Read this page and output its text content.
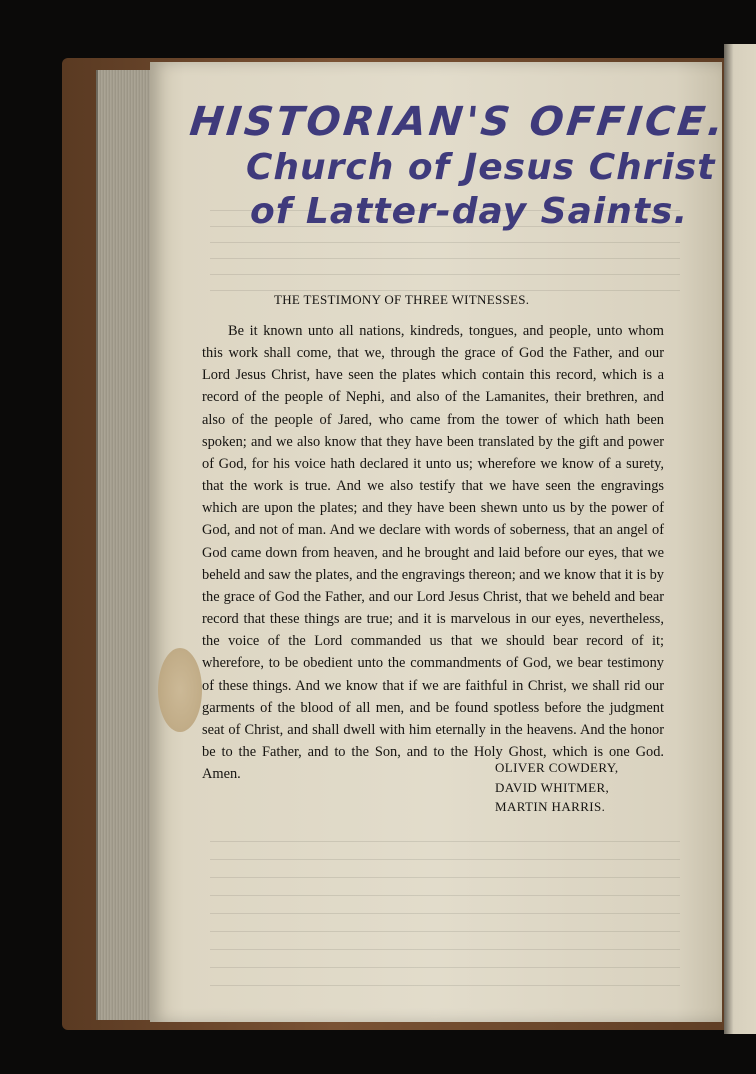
HISTORIAN'S OFFICE.
Church of Jesus Christ
of Latter-day Saints.
THE TESTIMONY OF THREE WITNESSES.
Be it known unto all nations, kindreds, tongues, and people, unto whom this work shall come, that we, through the grace of God the Father, and our Lord Jesus Christ, have seen the plates which contain this record, which is a record of the people of Nephi, and also of the Lamanites, their brethren, and also of the people of Jared, who came from the tower of which hath been spoken; and we also know that they have been translated by the gift and power of God, for his voice hath declared it unto us; wherefore we know of a surety, that the work is true. And we also testify that we have seen the engravings which are upon the plates; and they have been shewn unto us by the power of God, and not of man. And we declare with words of soberness, that an angel of God came down from heaven, and he brought and laid before our eyes, that we beheld and saw the plates, and the engravings thereon; and we know that it is by the grace of God the Father, and our Lord Jesus Christ, that we beheld and bear record that these things are true; and it is marvelous in our eyes, nevertheless, the voice of the Lord commanded us that we should bear record of it; wherefore, to be obedient unto the commandments of God, we bear testimony of these things. And we know that if we are faithful in Christ, we shall rid our garments of the blood of all men, and be found spotless before the judgment seat of Christ, and shall dwell with him eternally in the heavens. And the honor be to the Father, and to the Son, and to the Holy Ghost, which is one God. Amen.	OLIVER COWDERY,
DAVID WHITMER,
MARTIN HARRIS.
